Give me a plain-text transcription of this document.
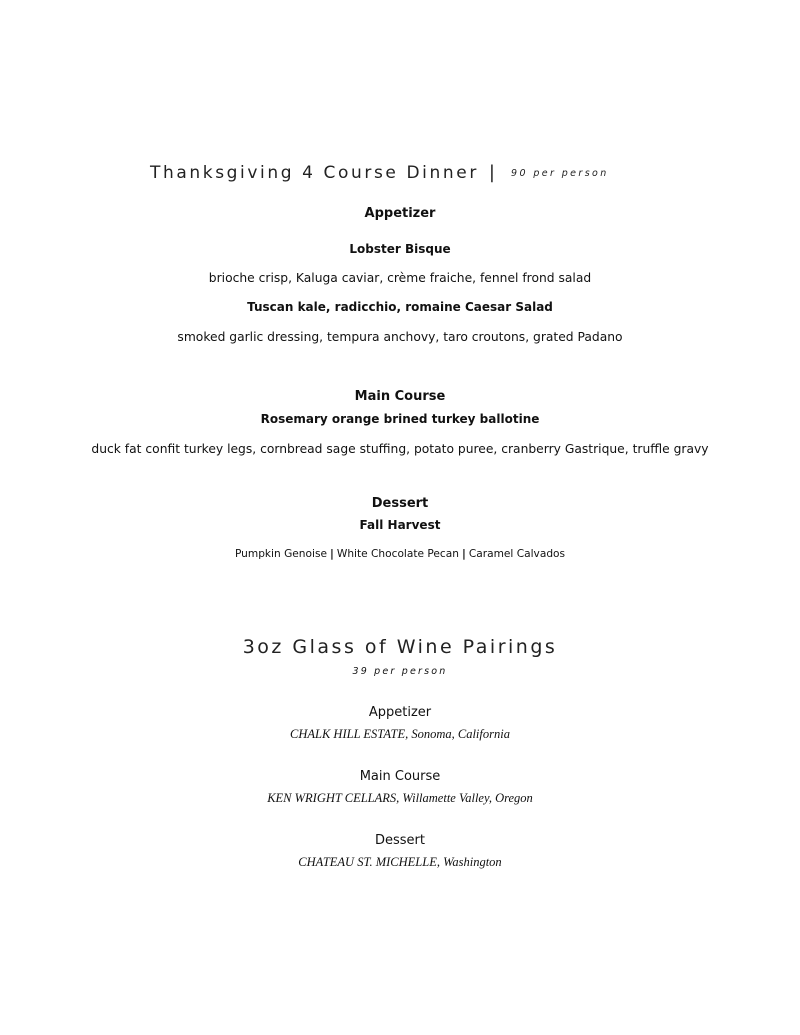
Thanksgiving 4 Course Dinner | 90 per person
Appetizer
Lobster Bisque
brioche crisp, Kaluga caviar, crème fraiche, fennel frond salad
Tuscan kale, radicchio, romaine Caesar Salad
smoked garlic dressing, tempura anchovy, taro croutons, grated Padano
Main Course
Rosemary orange brined turkey ballotine
duck fat confit turkey legs, cornbread sage stuffing, potato puree, cranberry Gastrique, truffle gravy
Dessert
Fall Harvest
Pumpkin Genoise | White Chocolate Pecan | Caramel Calvados
3oz Glass of Wine Pairings
39 per person
Appetizer
CHALK HILL ESTATE, Sonoma, California
Main Course
KEN WRIGHT CELLARS, Willamette Valley, Oregon
Dessert
CHATEAU ST. MICHELLE, Washington
